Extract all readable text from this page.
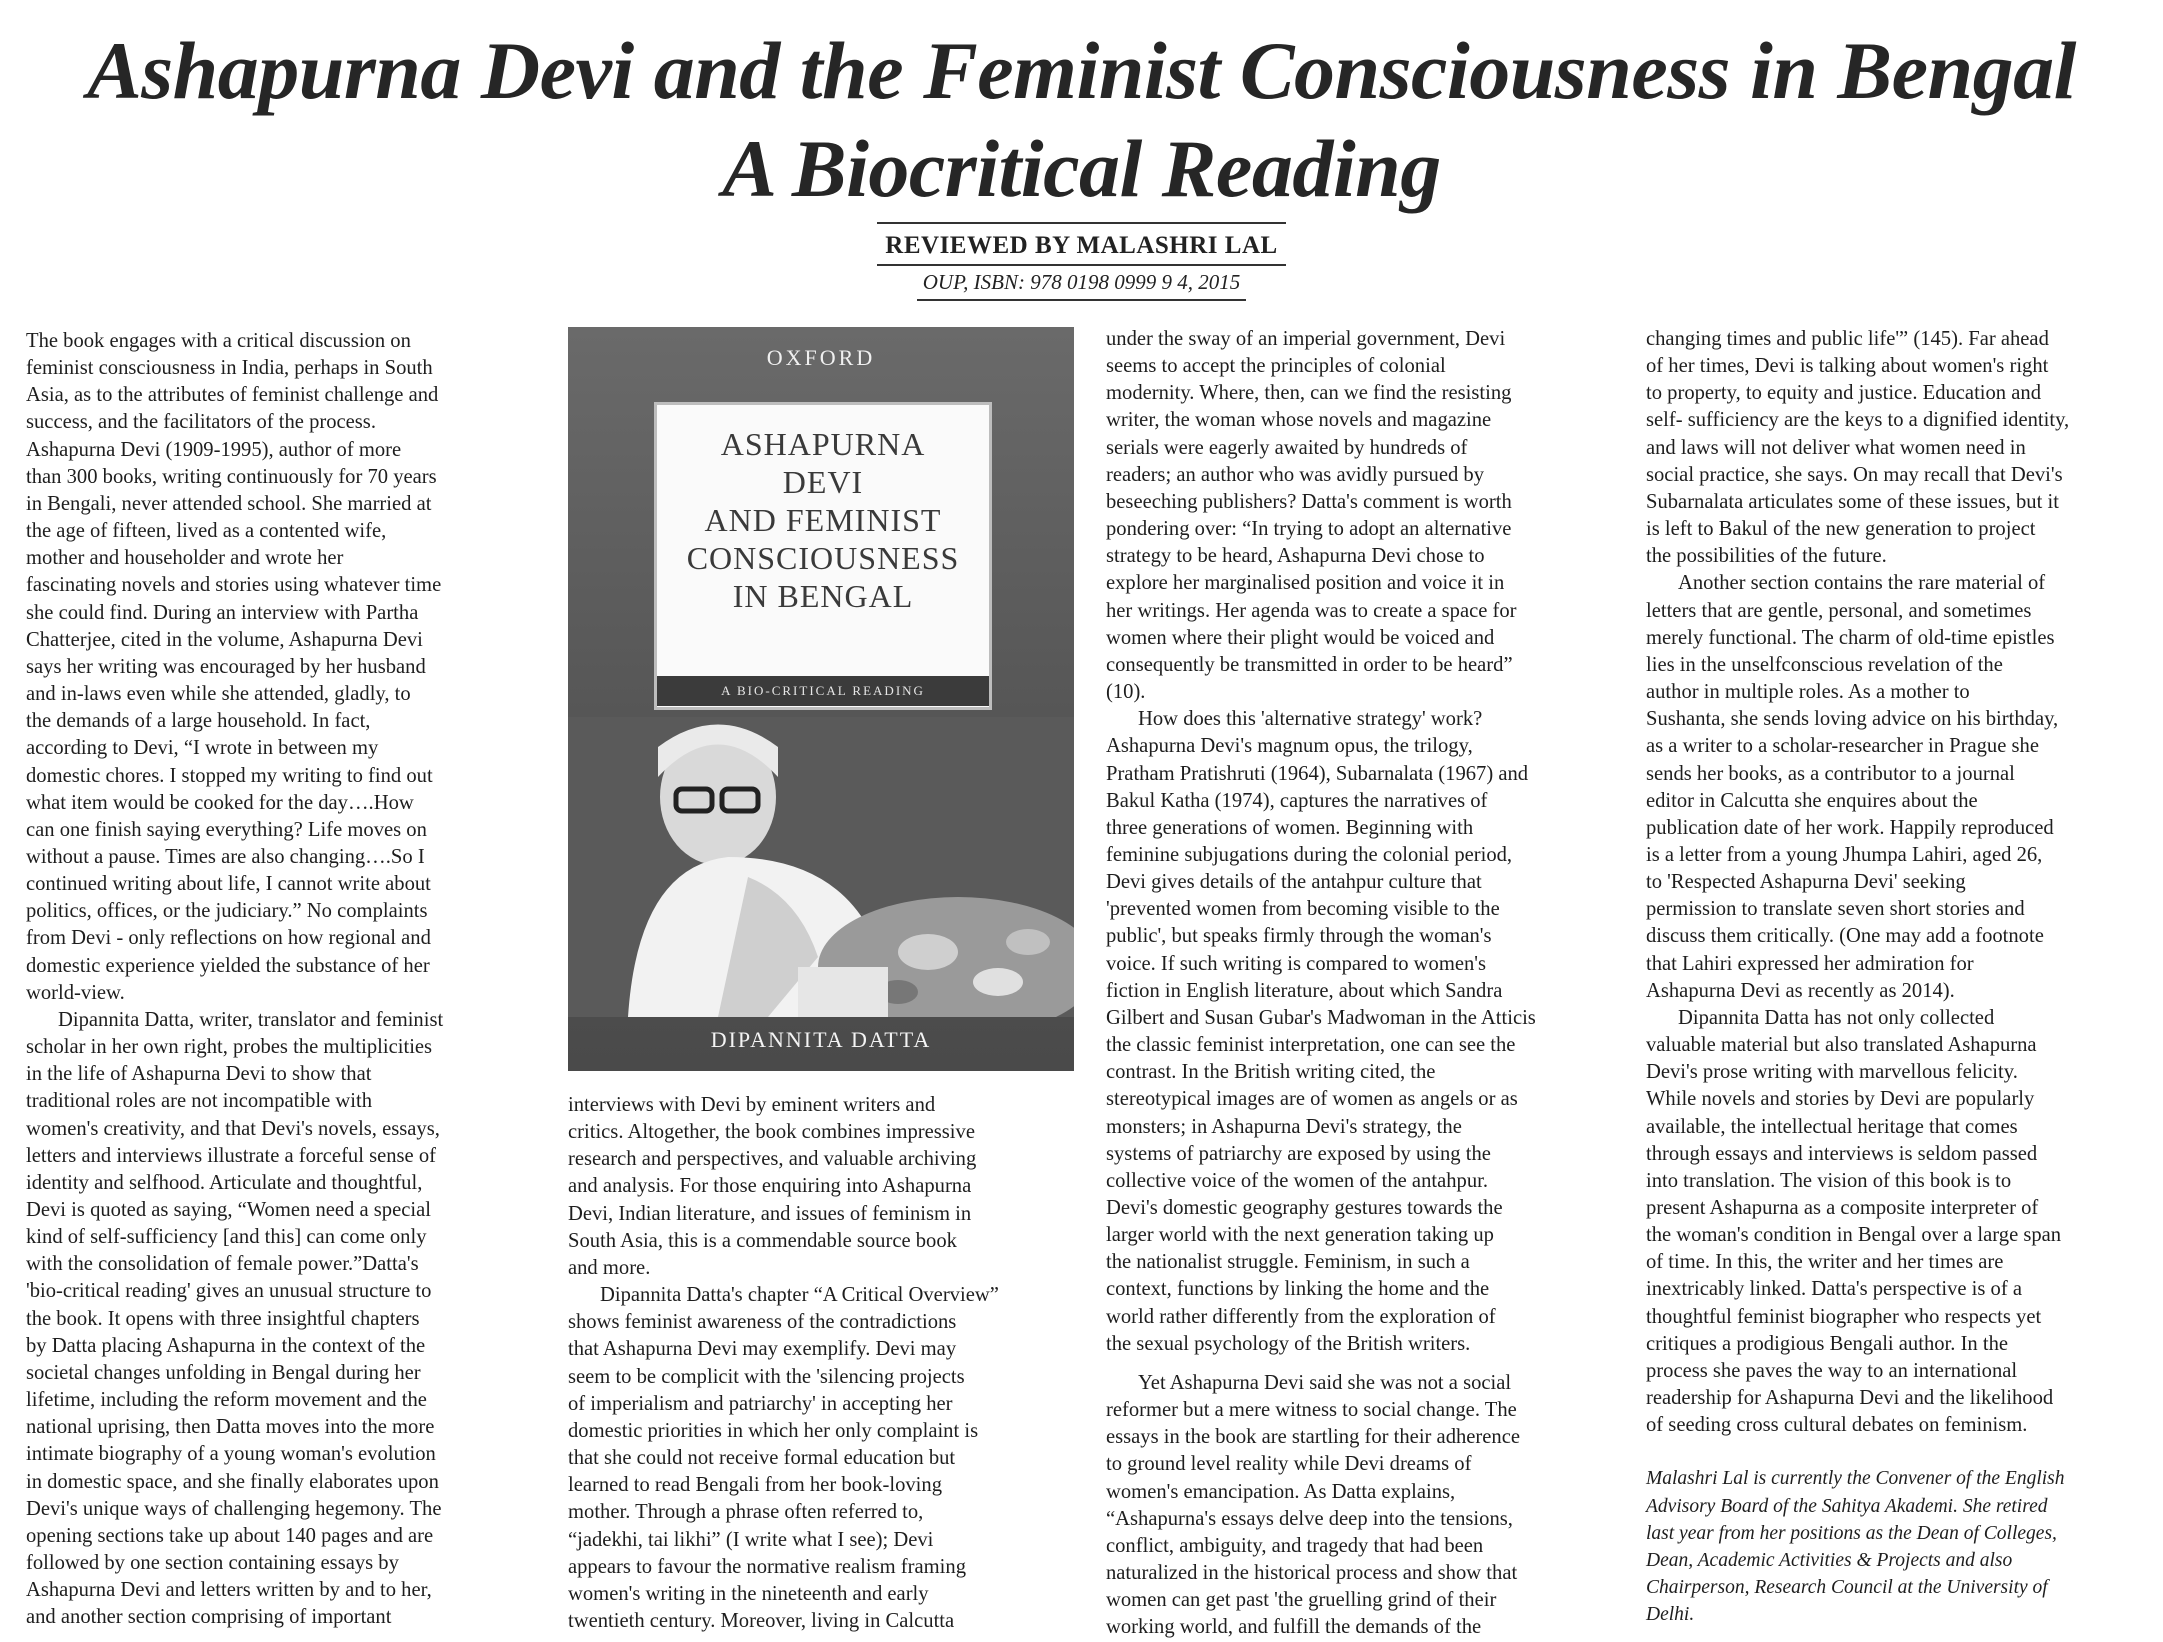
Ashapurna Devi and the Feminist Consciousness in Bengal
A Biocritical Reading
REVIEWED BY MALASHRI LAL
OUP, ISBN: 978 0198 0999 9 4, 2015

The book engages with a critical discussion on

feminist consciousness in India, perhaps in South

Asia, as to the attributes of feminist challenge and

success, and the facilitators of the process.

Ashapurna Devi (1909-1995), author of more

than 300 books, writing continuously for 70 years

in Bengali, never attended school. She married at

the age of fifteen, lived as a contented wife,

mother and householder and wrote her

fascinating novels and stories using whatever time

she could find. During an interview with Partha

Chatterjee, cited in the volume, Ashapurna Devi

says her writing was encouraged by her husband

and in-laws even while she attended, gladly, to

the demands of a large household. In fact,

according to Devi, “I wrote in between my

domestic chores. I stopped my writing to find out

what item would be cooked for the day….How

can one finish saying everything? Life moves on

without a pause. Times are also changing….So I

continued writing about life, I cannot write about

politics, offices, or the judiciary.” No complaints

from Devi - only reflections on how regional and

domestic experience yielded the substance of her

world-view.

Dipannita Datta, writer, translator and feminist

scholar in her own right, probes the multiplicities

in the life of Ashapurna Devi to show that

traditional roles are not incompatible with

women's creativity, and that Devi's novels, essays,

letters and interviews illustrate a forceful sense of

identity and selfhood. Articulate and thoughtful,

Devi is quoted as saying, “Women need a special

kind of self-sufficiency [and this] can come only

with the consolidation of female power.”Datta's

'bio-critical reading' gives an unusual structure to

the book. It opens with three insightful chapters

by Datta placing Ashapurna in the context of the

societal changes unfolding in Bengal during her

lifetime, including the reform movement and the

national uprising, then Datta moves into the more

intimate biography of a young woman's evolution

in domestic space, and she finally elaborates upon

Devi's unique ways of challenging hegemony. The

opening sections take up about 140 pages and are

followed by one section containing essays by

Ashapurna Devi and letters written by and to her,

and another section comprising of important

OXFORD
ASHAPURNA
DEVI
AND FEMINIST
CONSCIOUSNESS
IN BENGAL
A BIO-CRITICAL READING
DIPANNITA DATTA

interviews with Devi by eminent writers and

critics. Altogether, the book combines impressive

research and perspectives, and valuable archiving

and analysis. For those enquiring into Ashapurna

Devi, Indian literature, and issues of feminism in

South Asia, this is a commendable source book

and more.

Dipannita Datta's chapter “A Critical Overview”

shows feminist awareness of the contradictions

that Ashapurna Devi may exemplify. Devi may

seem to be complicit with the 'silencing projects

of imperialism and patriarchy' in accepting her

domestic priorities in which her only complaint is

that she could not receive formal education but

learned to read Bengali from her book-loving

mother. Through a phrase often referred to,

“jadekhi, tai likhi” (I write what I see); Devi

appears to favour the normative realism framing

women's writing in the nineteenth and early

twentieth century. Moreover, living in Calcutta

under the sway of an imperial government, Devi

seems to accept the principles of colonial

modernity. Where, then, can we find the resisting

writer, the woman whose novels and magazine

serials were eagerly awaited by hundreds of

readers; an author who was avidly pursued by

beseeching publishers? Datta's comment is worth

pondering over: “In trying to adopt an alternative

strategy to be heard, Ashapurna Devi chose to

explore her marginalised position and voice it in

her writings. Her agenda was to create a space for

women where their plight would be voiced and

consequently be transmitted in order to be heard”

(10).

How does this 'alternative strategy' work?

Ashapurna Devi's magnum opus, the trilogy,

Pratham Pratishruti (1964), Subarnalata (1967) and

Bakul Katha (1974), captures the narratives of

three generations of women. Beginning with

feminine subjugations during the colonial period,

Devi gives details of the antahpur culture that

'prevented women from becoming visible to the

public', but speaks firmly through the woman's

voice. If such writing is compared to women's

fiction in English literature, about which Sandra

Gilbert and Susan Gubar's Madwoman in the Atticis

the classic feminist interpretation, one can see the

contrast. In the British writing cited, the

stereotypical images are of women as angels or as

monsters; in Ashapurna Devi's strategy, the

systems of patriarchy are exposed by using the

collective voice of the women of the antahpur.

Devi's domestic geography gestures towards the

larger world with the next generation taking up

the nationalist struggle. Feminism, in such a

context, functions by linking the home and the

world rather differently from the exploration of

the sexual psychology of the British writers.

Yet Ashapurna Devi said she was not a social

reformer but a mere witness to social change. The

essays in the book are startling for their adherence

to ground level reality while Devi dreams of

women's emancipation. As Datta explains,

“Ashapurna's essays delve deep into the tensions,

conflict, ambiguity, and tragedy that had been

naturalized in the historical process and show that

women can get past 'the gruelling grind of their

working world, and fulfill the demands of the

changing times and public life'” (145). Far ahead

of her times, Devi is talking about women's right

to property, to equity and justice. Education and

self- sufficiency are the keys to a dignified identity,

and laws will not deliver what women need in

social practice, she says. On may recall that Devi's

Subarnalata articulates some of these issues, but it

is left to Bakul of the new generation to project

the possibilities of the future.

Another section contains the rare material of

letters that are gentle, personal, and sometimes

merely functional. The charm of old-time epistles

lies in the unselfconscious revelation of the

author in multiple roles. As a mother to

Sushanta, she sends loving advice on his birthday,

as a writer to a scholar-researcher in Prague she

sends her books, as a contributor to a journal

editor in Calcutta she enquires about the

publication date of her work. Happily reproduced

is a letter from a young Jhumpa Lahiri, aged 26,

to 'Respected Ashapurna Devi' seeking

permission to translate seven short stories and

discuss them critically. (One may add a footnote

that Lahiri expressed her admiration for

Ashapurna Devi as recently as 2014).

Dipannita Datta has not only collected

valuable material but also translated Ashapurna

Devi's prose writing with marvellous felicity.

While novels and stories by Devi are popularly

available, the intellectual heritage that comes

through essays and interviews is seldom passed

into translation. The vision of this book is to

present Ashapurna as a composite interpreter of

the woman's condition in Bengal over a large span

of time. In this, the writer and her times are

inextricably linked. Datta's perspective is of a

thoughtful feminist biographer who respects yet

critiques a prodigious Bengali author. In the

process she paves the way to an international

readership for Ashapurna Devi and the likelihood

of seeding cross cultural debates on feminism.

Malashri Lal is currently the Convener of the English

Advisory Board of the Sahitya Akademi. She retired

last year from her positions as the Dean of Colleges,

Dean, Academic Activities & Projects and also

Chairperson, Research Council at the University of

Delhi.
